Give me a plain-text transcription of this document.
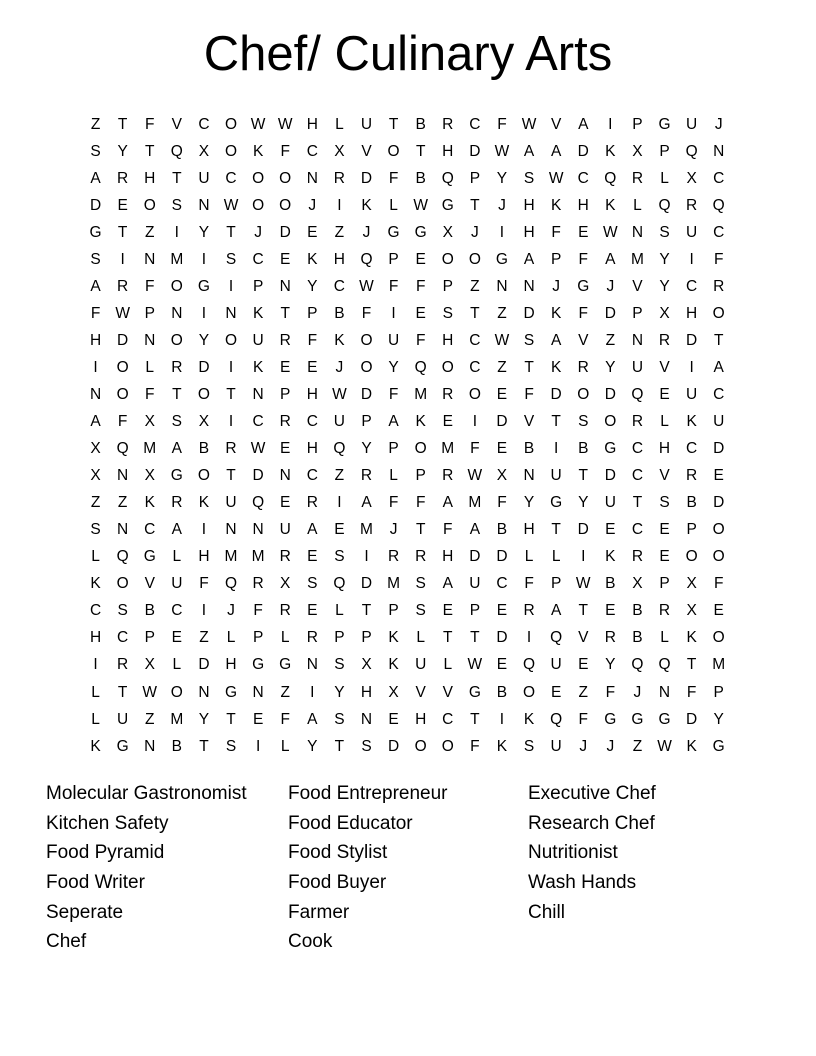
Chef/ Culinary Arts
Z	T	F	V	C O W W H	L	U	T	B	R	C	F W V	A	I	P	G U	J
S	Y	T	Q	X	O	K	F	C	X	V	O	T	H	D W A	A	D	K	X	P	Q N
A	R	H	T	U	C O O N	R	D	F	B	Q	P	Y	S W C Q R	L	X	C
D	E	O	S	N W O O	J	I	K	L W G	T	J	H	K	H	K	L	Q R Q
G	T	Z	I	Y	T	J	D	E	Z	J	G G	X	J	I	H	F	E W N	S	U	C
S	I	N M	I	S	C	E	K	H Q	P	E	O O G	A	P	F	A M Y	I	F
A	R	F	O G	I	P	N	Y	C W F	F	P	Z	N	N	J	G	J	V	Y	C	R
F W P	N	I	N	K	T	P	B	F	I	E	S	T	Z	D	K	F	D	P	X	H O
H	D	N O	Y	O U	R	F	K	O U	F	H	C W S	A	V	Z	N	R	D	T
I	O	L	R	D	I	K	E	E	J	O	Y	Q O C	Z	T	K	R	Y	U	V	I	A
N O	F	T	O	T	N	P	H W D	F	M R O	E	F	D O D Q	E	U	C
A	F	X	S	X	I	C	R	C	U	P	A	K	E	I	D	V	T	S	O R	L	K	U
X	Q M A	B	R W E	H Q	Y	P	O M	F	E	B	I	B	G C	H	C	D
X	N	X	G O	T	D	N	C	Z	R	L	P	R W X	N	U	T	D	C	V	R	E
Z	Z	K	R	K	U Q	E	R	I	A	F	F	A M	F	Y	G	Y	U	T	S	B	D
S	N	C	A	I	N	N	U	A	E M	J	T	F	A	B	H	T	D	E	C	E	P	O
L	Q G	L	H M M R	E	S	I	R	R	H	D	D	L	L	I	K	R	E	O O
K	O	V	U	F	Q R	X	S	Q D M S	A	U	C	F	P W B	X	P	X	F
C	S	B	C	I	J	F	R	E	L	T	P	S	E	P	E	R	A	T	E	B	R	X	E
H	C	P	E	Z	L	P	L	R	P	P	K	L	T	T	D	I	Q	V	R	B	L	K	O
I	R	X	L	D	H G G N	S	X	K	U	L W E	Q U	E	Y	Q Q	T	M
L	T W O N G N	Z	I	Y	H	X	V	V	G	B	O	E	Z	F	J	N	F	P
L	U	Z	M Y	T	E	F	A	S	N	E	H	C	T	I	K	Q	F	G G G D	Y
K	G N	B	T	S	I	L	Y	T	S	D O O	F	K	S	U	J	J	Z W K	G
Molecular Gastronomist
Kitchen Safety
Food Pyramid
Food Writer
Seperate
Chef
Food Entrepreneur
Food Educator
Food Stylist
Food Buyer
Farmer
Cook
Executive Chef
Research Chef
Nutritionist
Wash Hands
Chill
